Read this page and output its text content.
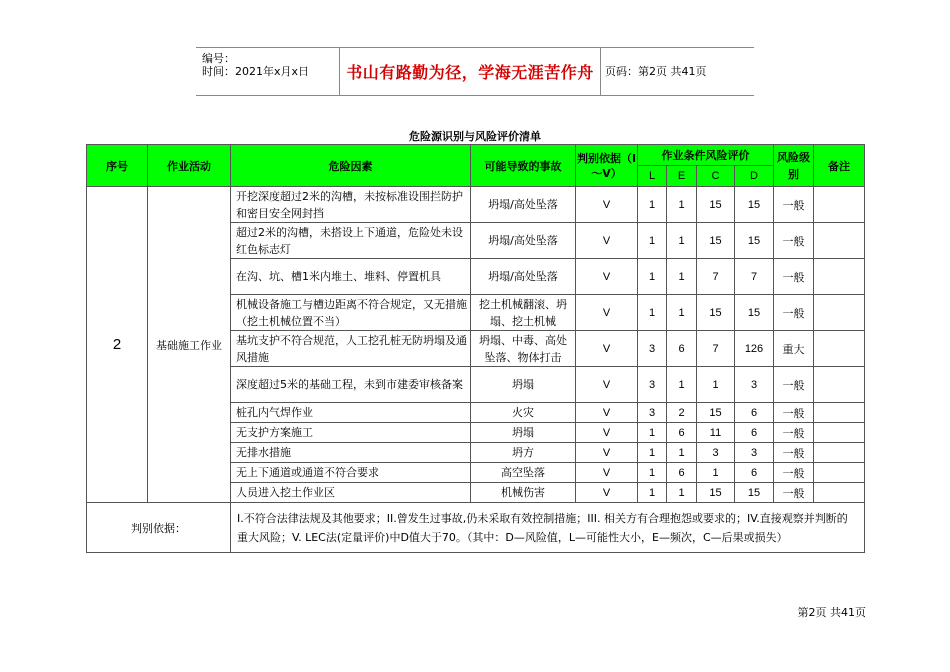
编号：
时间：2021年x月x日	书山有路勤为径，学海无涯苦作舟	页码：第2页 共41页
危险源识别与风险评价清单
序号	作业活动	危险因素	可能导致的事故	判别依据（I～V）	作业条件风险评价				风险级别	备注
					L	E	C	D		
2	基础施工作业	开挖深度超过2米的沟槽，未按标准设围拦防护和密目安全网封挡	坍塌/高处坠落	V	1	1	15	15	一般	
		超过2米的沟槽，未搭设上下通道，危险处未设红色标志灯	坍塌/高处坠落	V	1	1	15	15	一般	
		在沟、坑、槽1米内堆土、堆料、停置机具	坍塌/高处坠落	V	1	1	7	7	一般	
		机械设备施工与槽边距离不符合规定，又无措施（挖土机械位置不当）	挖土机械翻滚、坍塌、挖土机械	V	1	1	15	15	一般	
		基坑支护不符合规范，人工挖孔桩无防坍塌及通风措施	坍塌、中毒、高处坠落、物体打击	V	3	6	7	126	重大	
		深度超过5米的基础工程，未到市建委审核备案	坍塌	V	3	1	1	3	一般	
		桩孔内气焊作业	火灾	V	3	2	15	6	一般	
		无支护方案施工	坍塌	V	1	6	11	6	一般	
		无排水措施	坍方	V	1	1	3	3	一般	
		无上下通道或通道不符合要求	高空坠落	V	1	6	1	6	一般	
		人员进入挖土作业区	机械伤害	V	1	1	15	15	一般	
判别依据：		I.不符合法律法规及其他要求；II.曾发生过事故,仍未采取有效控制措施；III. 相关方有合理抱怨或要求的；IV.直接观察并判断的重大风险；V. LEC法(定量评价)中D值大于70。（其中：D—风险值，L—可能性大小，E—频次，C—后果或损失）								
第2页 共41页
